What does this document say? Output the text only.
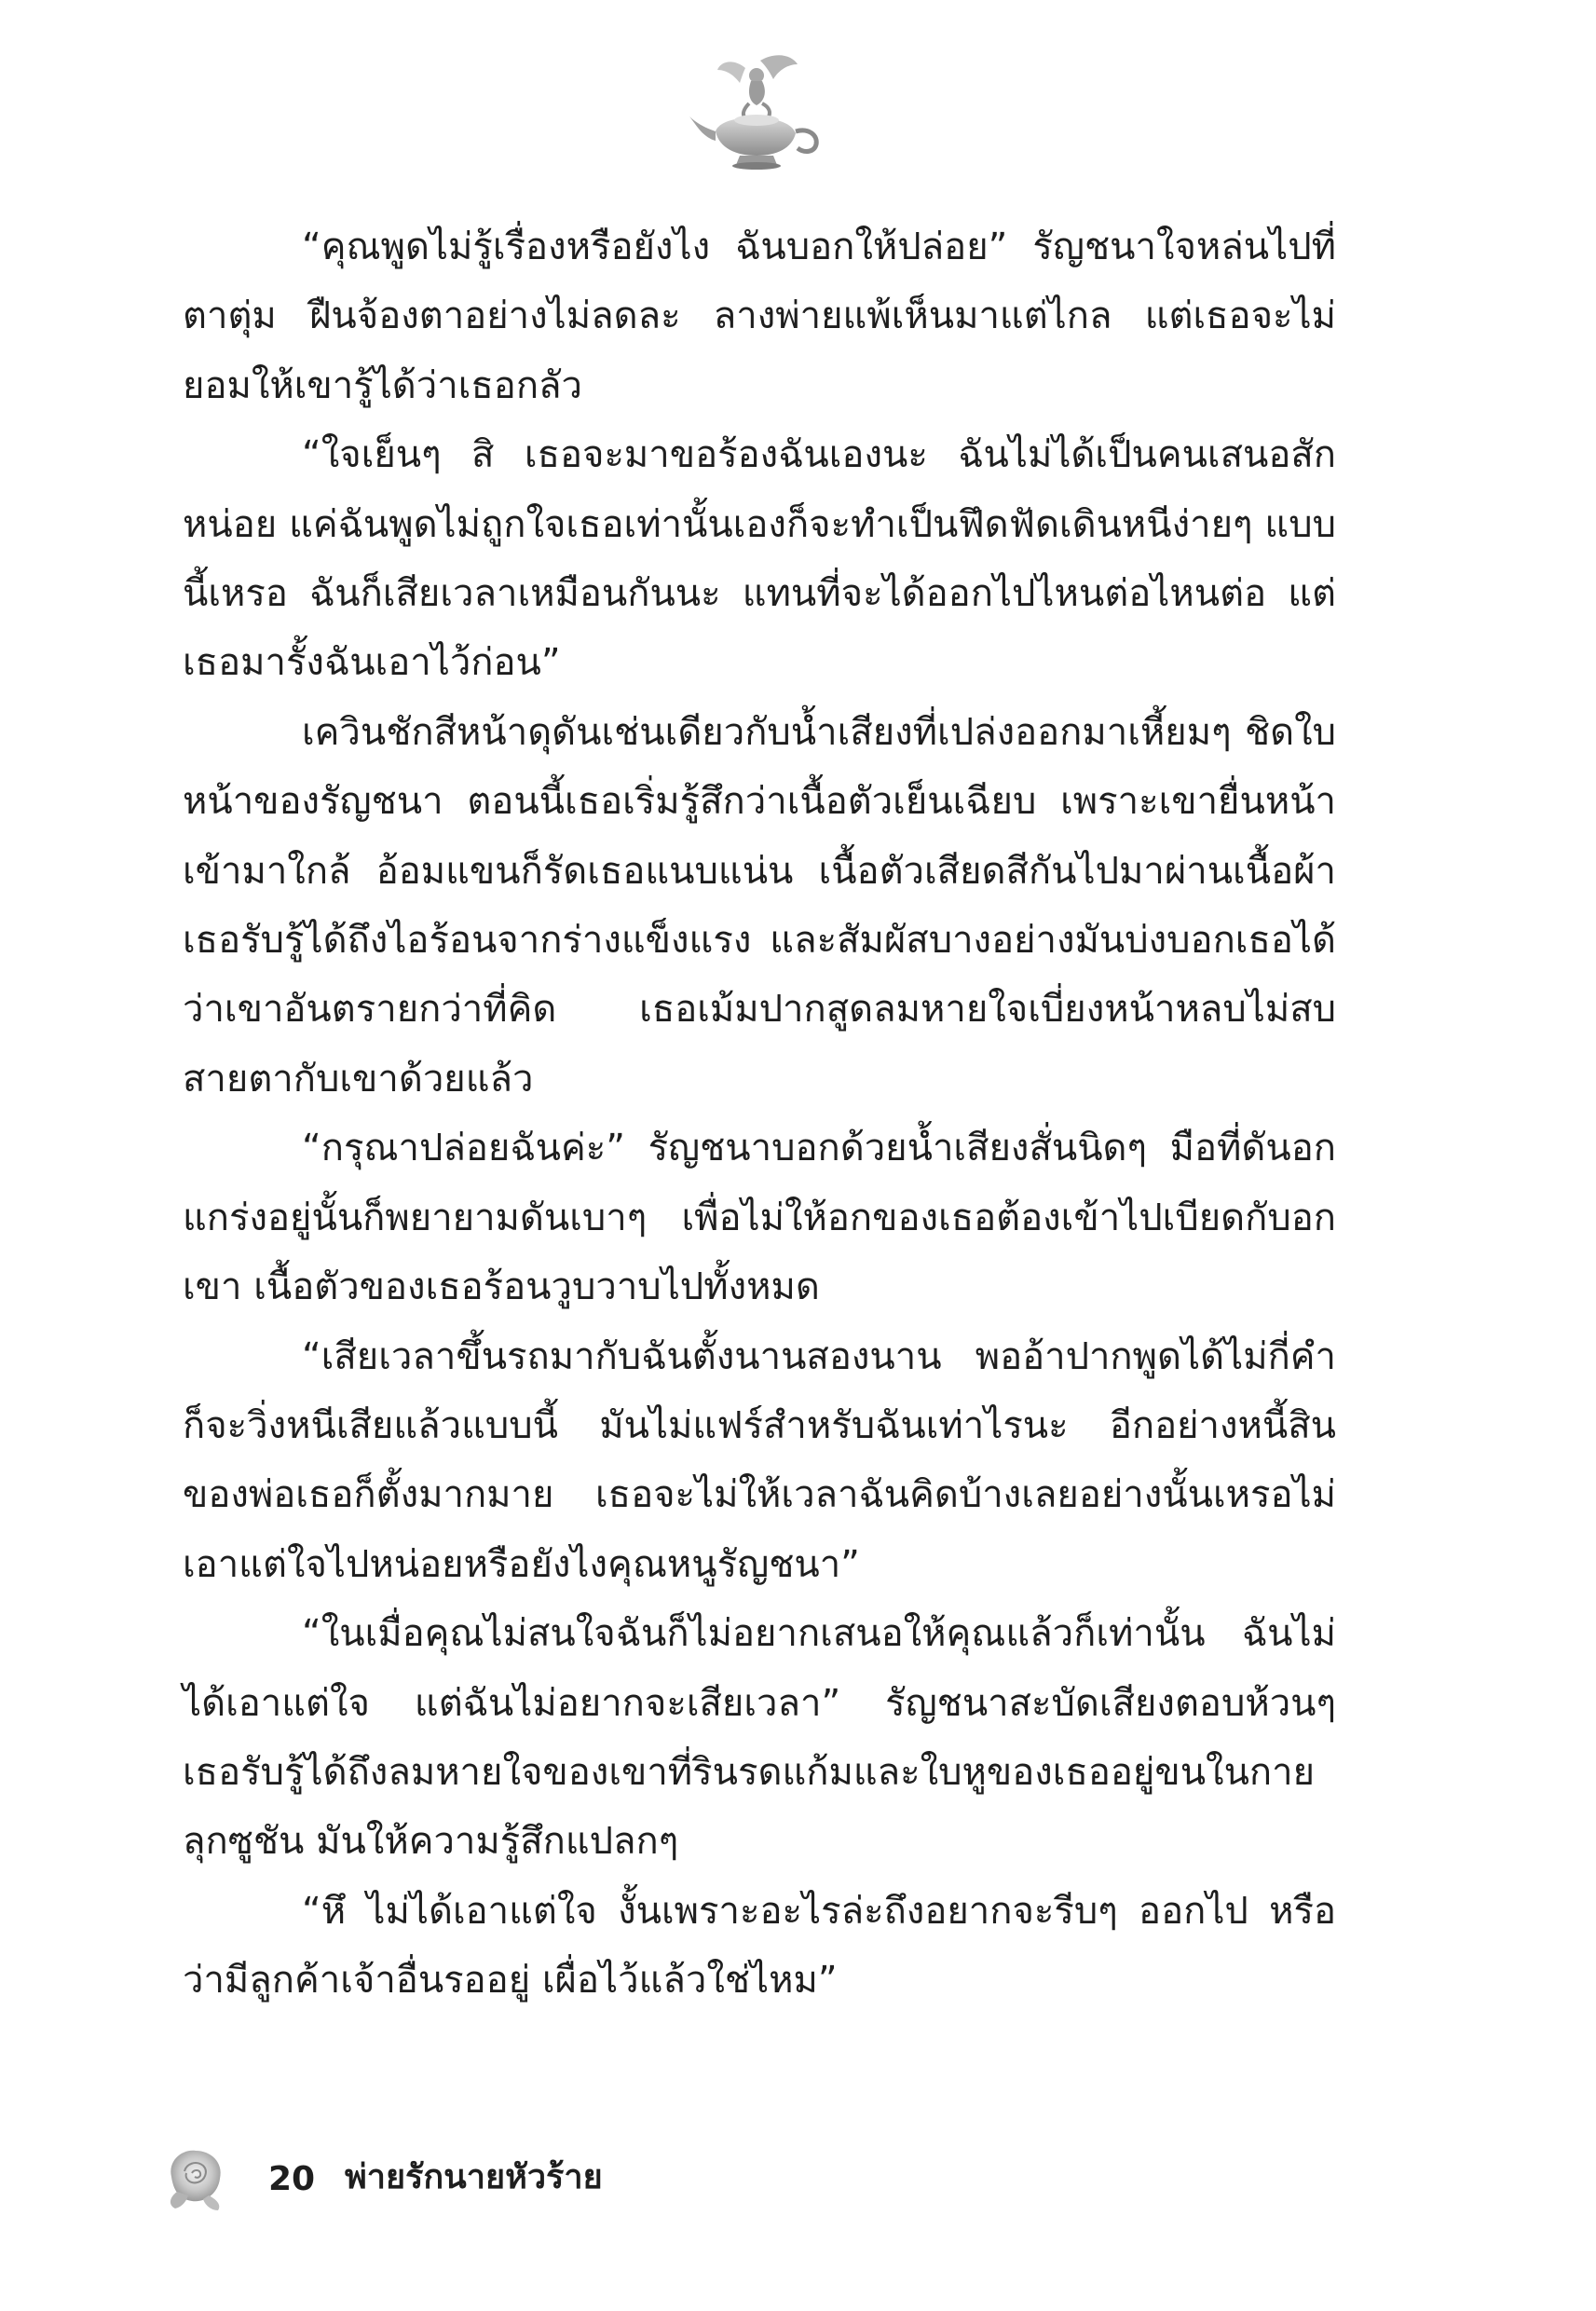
“คุณพูดไม่รู้เรื่องหรือยังไง ฉันบอกให้ปล่อย” รัญชนาใจหล่นไปที่ตาตุ่ม ฝืนจ้องตาอย่างไม่ลดละ ลางพ่ายแพ้เห็นมาแต่ไกล แต่เธอจะไม่ยอมให้เขารู้ได้ว่าเธอกลัว

“ใจเย็นๆ สิ เธอจะมาขอร้องฉันเองนะ ฉันไม่ได้เป็นคนเสนอสักหน่อย แค่ฉันพูดไม่ถูกใจเธอเท่านั้นเองก็จะทำเป็นฟึดฟัดเดินหนีง่ายๆ แบบนี้เหรอ ฉันก็เสียเวลาเหมือนกันนะ แทนที่จะได้ออกไปไหนต่อไหนต่อ แต่เธอมารั้งฉันเอาไว้ก่อน”

เควินชักสีหน้าดุดันเช่นเดียวกับน้ำเสียงที่เปล่งออกมาเหี้ยมๆ ชิดใบหน้าของรัญชนา ตอนนี้เธอเริ่มรู้สึกว่าเนื้อตัวเย็นเฉียบ เพราะเขายื่นหน้าเข้ามาใกล้ อ้อมแขนก็รัดเธอแนบแน่น เนื้อตัวเสียดสีกันไปมาผ่านเนื้อผ้า เธอรับรู้ได้ถึงไอร้อนจากร่างแข็งแรง และสัมผัสบางอย่างมันบ่งบอกเธอได้ว่าเขาอันตรายกว่าที่คิด เธอเม้มปากสูดลมหายใจเบี่ยงหน้าหลบไม่สบสายตากับเขาด้วยแล้ว

“กรุณาปล่อยฉันค่ะ” รัญชนาบอกด้วยน้ำเสียงสั่นนิดๆ มือที่ดันอกแกร่งอยู่นั้นก็พยายามดันเบาๆ เพื่อไม่ให้อกของเธอต้องเข้าไปเบียดกับอกเขา เนื้อตัวของเธอร้อนวูบวาบไปทั้งหมด

“เสียเวลาขึ้นรถมากับฉันตั้งนานสองนาน พออ้าปากพูดได้ไม่กี่คำก็จะวิ่งหนีเสียแล้วแบบนี้ มันไม่แฟร์สำหรับฉันเท่าไรนะ อีกอย่างหนี้สินของพ่อเธอก็ตั้งมากมาย เธอจะไม่ให้เวลาฉันคิดบ้างเลยอย่างนั้นเหรอไม่เอาแต่ใจไปหน่อยหรือยังไงคุณหนูรัญชนา”

“ในเมื่อคุณไม่สนใจฉันก็ไม่อยากเสนอให้คุณแล้วก็เท่านั้น ฉันไม่ได้เอาแต่ใจ แต่ฉันไม่อยากจะเสียเวลา” รัญชนาสะบัดเสียงตอบห้วนๆ เธอรับรู้ได้ถึงลมหายใจของเขาที่รินรดแก้มและใบหูของเธออยู่ขนในกายลุกซูชัน มันให้ความรู้สึกแปลกๆ

“หึ ไม่ได้เอาแต่ใจ งั้นเพราะอะไรล่ะถึงอยากจะรีบๆ ออกไป หรือว่ามีลูกค้าเจ้าอื่นรออยู่ เผื่อไว้แล้วใช่ไหม”

20 พ่ายรักนายหัวร้าย
